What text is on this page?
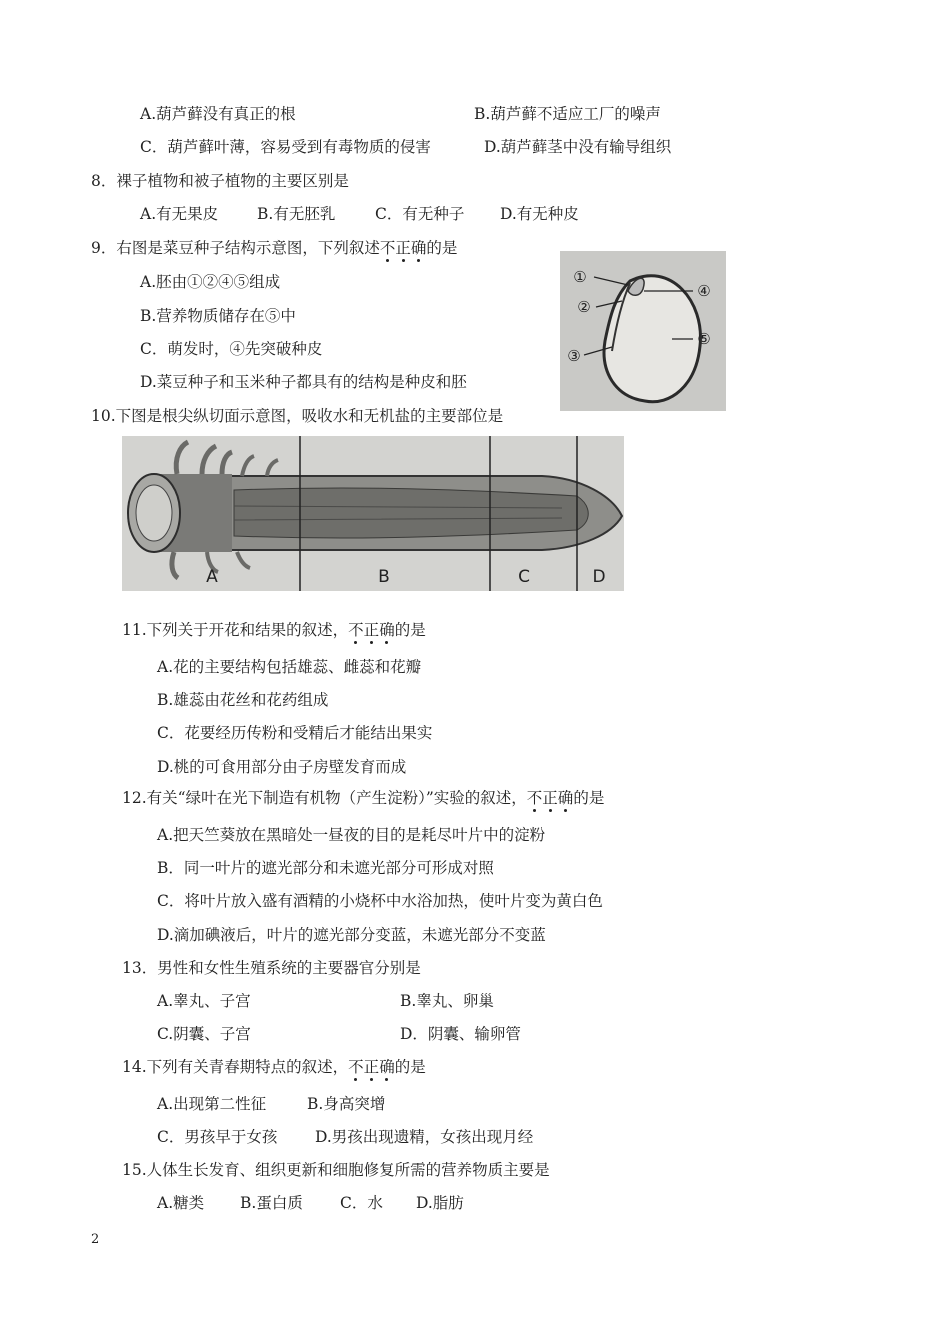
A.葫芦藓没有真正的根	B.葫芦藓不适应工厂的噪声
C．葫芦藓叶薄，容易受到有毒物质的侵害	D.葫芦藓茎中没有输导组织
8．裸子植物和被子植物的主要区别是
A.有无果皮	B.有无胚乳	C．有无种子 D.有无种皮
9．右图是菜豆种子结构示意图，下列叙述不正确的是
A.胚由①②④⑤组成
B.营养物质储存在⑤中
C．萌发时，④先突破种皮
D.菜豆种子和玉米种子都具有的结构是种皮和胚
①
②
③
④
⑤
10.下图是根尖纵切面示意图，吸收水和无机盐的主要部位是
A	B	C	D
11.下列关于开花和结果的叙述，不正确的是
A.花的主要结构包括雄蕊、雌蕊和花瓣
B.雄蕊由花丝和花药组成
C．花要经历传粉和受精后才能结出果实
D.桃的可食用部分由子房壁发育而成
12.有关“绿叶在光下制造有机物（产生淀粉）”实验的叙述，不正确的是
A.把天竺葵放在黑暗处一昼夜的目的是耗尽叶片中的淀粉
B．同一叶片的遮光部分和未遮光部分可形成对照
C．将叶片放入盛有酒精的小烧杯中水浴加热，使叶片变为黄白色
D.滴加碘液后，叶片的遮光部分变蓝，未遮光部分不变蓝
13．男性和女性生殖系统的主要器官分别是
A.睾丸、子宫	B.睾丸、卵巢
C.阴囊、子宫	D．阴囊、输卵管
14.下列有关青春期特点的叙述，不正确的是
A.出现第二性征	B.身高突增
C．男孩早于女孩 D.男孩出现遗精，女孩出现月经
15.人体生长发育、组织更新和细胞修复所需的营养物质主要是
A.糖类 B.蛋白质 C．水 D.脂肪
2
